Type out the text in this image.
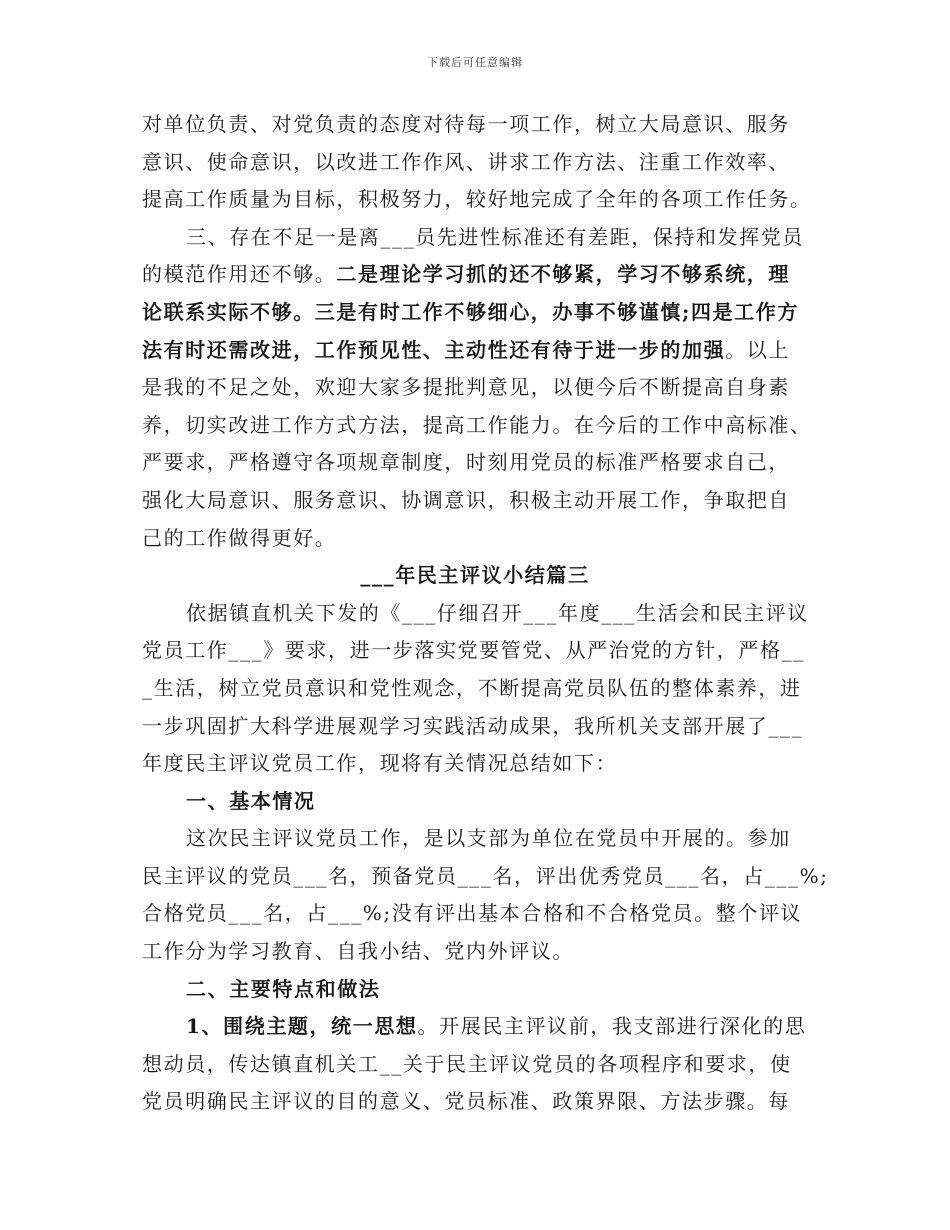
下载后可任意编辑
对单位负责、对党负责的态度对待每一项工作，树立大局意识、服务
意识、使命意识，以改进工作作风、讲求工作方法、注重工作效率、
提高工作质量为目标，积极努力，较好地完成了全年的各项工作任务。
三、存在不足一是离___员先进性标准还有差距，保持和发挥党员
的模范作用还不够。二是理论学习抓的还不够紧，学习不够系统，理
论联系实际不够。三是有时工作不够细心，办事不够谨慎;四是工作方
法有时还需改进，工作预见性、主动性还有待于进一步的加强。以上
是我的不足之处，欢迎大家多提批判意见，以便今后不断提高自身素
养，切实改进工作方式方法，提高工作能力。在今后的工作中高标准、
严要求，严格遵守各项规章制度，时刻用党员的标准严格要求自己，
强化大局意识、服务意识、协调意识，积极主动开展工作，争取把自
己的工作做得更好。
___年民主评议小结篇三
依据镇直机关下发的《___仔细召开___年度___生活会和民主评议
党员工作___》要求，进一步落实党要管党、从严治党的方针，严格__
_生活，树立党员意识和党性观念，不断提高党员队伍的整体素养，进
一步巩固扩大科学进展观学习实践活动成果，我所机关支部开展了___
年度民主评议党员工作，现将有关情况总结如下：
一、基本情况
这次民主评议党员工作，是以支部为单位在党员中开展的。参加
民主评议的党员___名，预备党员___名，评出优秀党员___名，占___%;
合格党员___名，占___%;没有评出基本合格和不合格党员。整个评议
工作分为学习教育、自我小结、党内外评议。
二、主要特点和做法
1、围绕主题，统一思想。开展民主评议前，我支部进行深化的思
想动员，传达镇直机关工__关于民主评议党员的各项程序和要求，使
党员明确民主评议的目的意义、党员标准、政策界限、方法步骤。每
